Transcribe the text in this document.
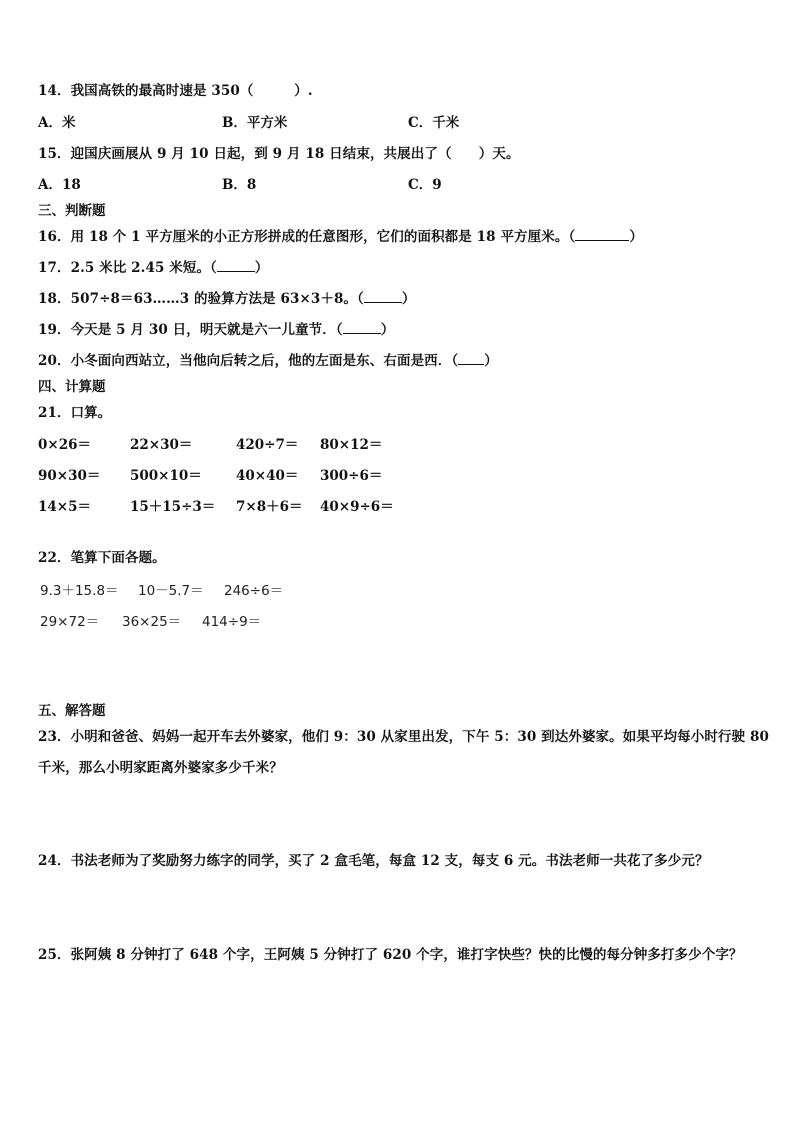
14．我国高铁的最高时速是 350（　　　）.
A．米	B．平方米	C．千米
15．迎国庆画展从 9 月 10 日起，到 9 月 18 日结束，共展出了（　　）天。
A．18	B．8	C．9
三、判断题
16．用 18 个 1 平方厘米的小正方形拼成的任意图形，它们的面积都是 18 平方厘米。（	）
17．2.5 米比 2.45 米短。（	）
18．507÷8＝63……3 的验算方法是 63×3＋8。（	）
19．今天是 5 月 30 日，明天就是六一儿童节．（	）
20．小冬面向西站立，当他向后转之后，他的左面是东、右面是西．（ ）
四、计算题
21．口算。
0×26＝	22×30＝	420÷7＝ 80×12＝
90×30＝ 500×10＝	40×40＝ 300÷6＝
14×5＝	15＋15÷3＝ 7×8＋6＝ 40×9÷6＝
22．笔算下面各题。
9.3＋15.8＝ 10－5.7＝ 246÷6＝
29×72＝ 36×25＝ 414÷9＝
五、解答题
23．小明和爸爸、妈妈一起开车去外婆家，他们 9：30 从家里出发，下午 5：30 到达外婆家。如果平均每小时行驶 80
千米，那么小明家距离外婆家多少千米？
24．书法老师为了奖励努力练字的同学，买了 2 盒毛笔，每盒 12 支，每支 6 元。书法老师一共花了多少元？
25．张阿姨 8 分钟打了 648 个字，王阿姨 5 分钟打了 620 个字，谁打字快些？快的比慢的每分钟多打多少个字？
